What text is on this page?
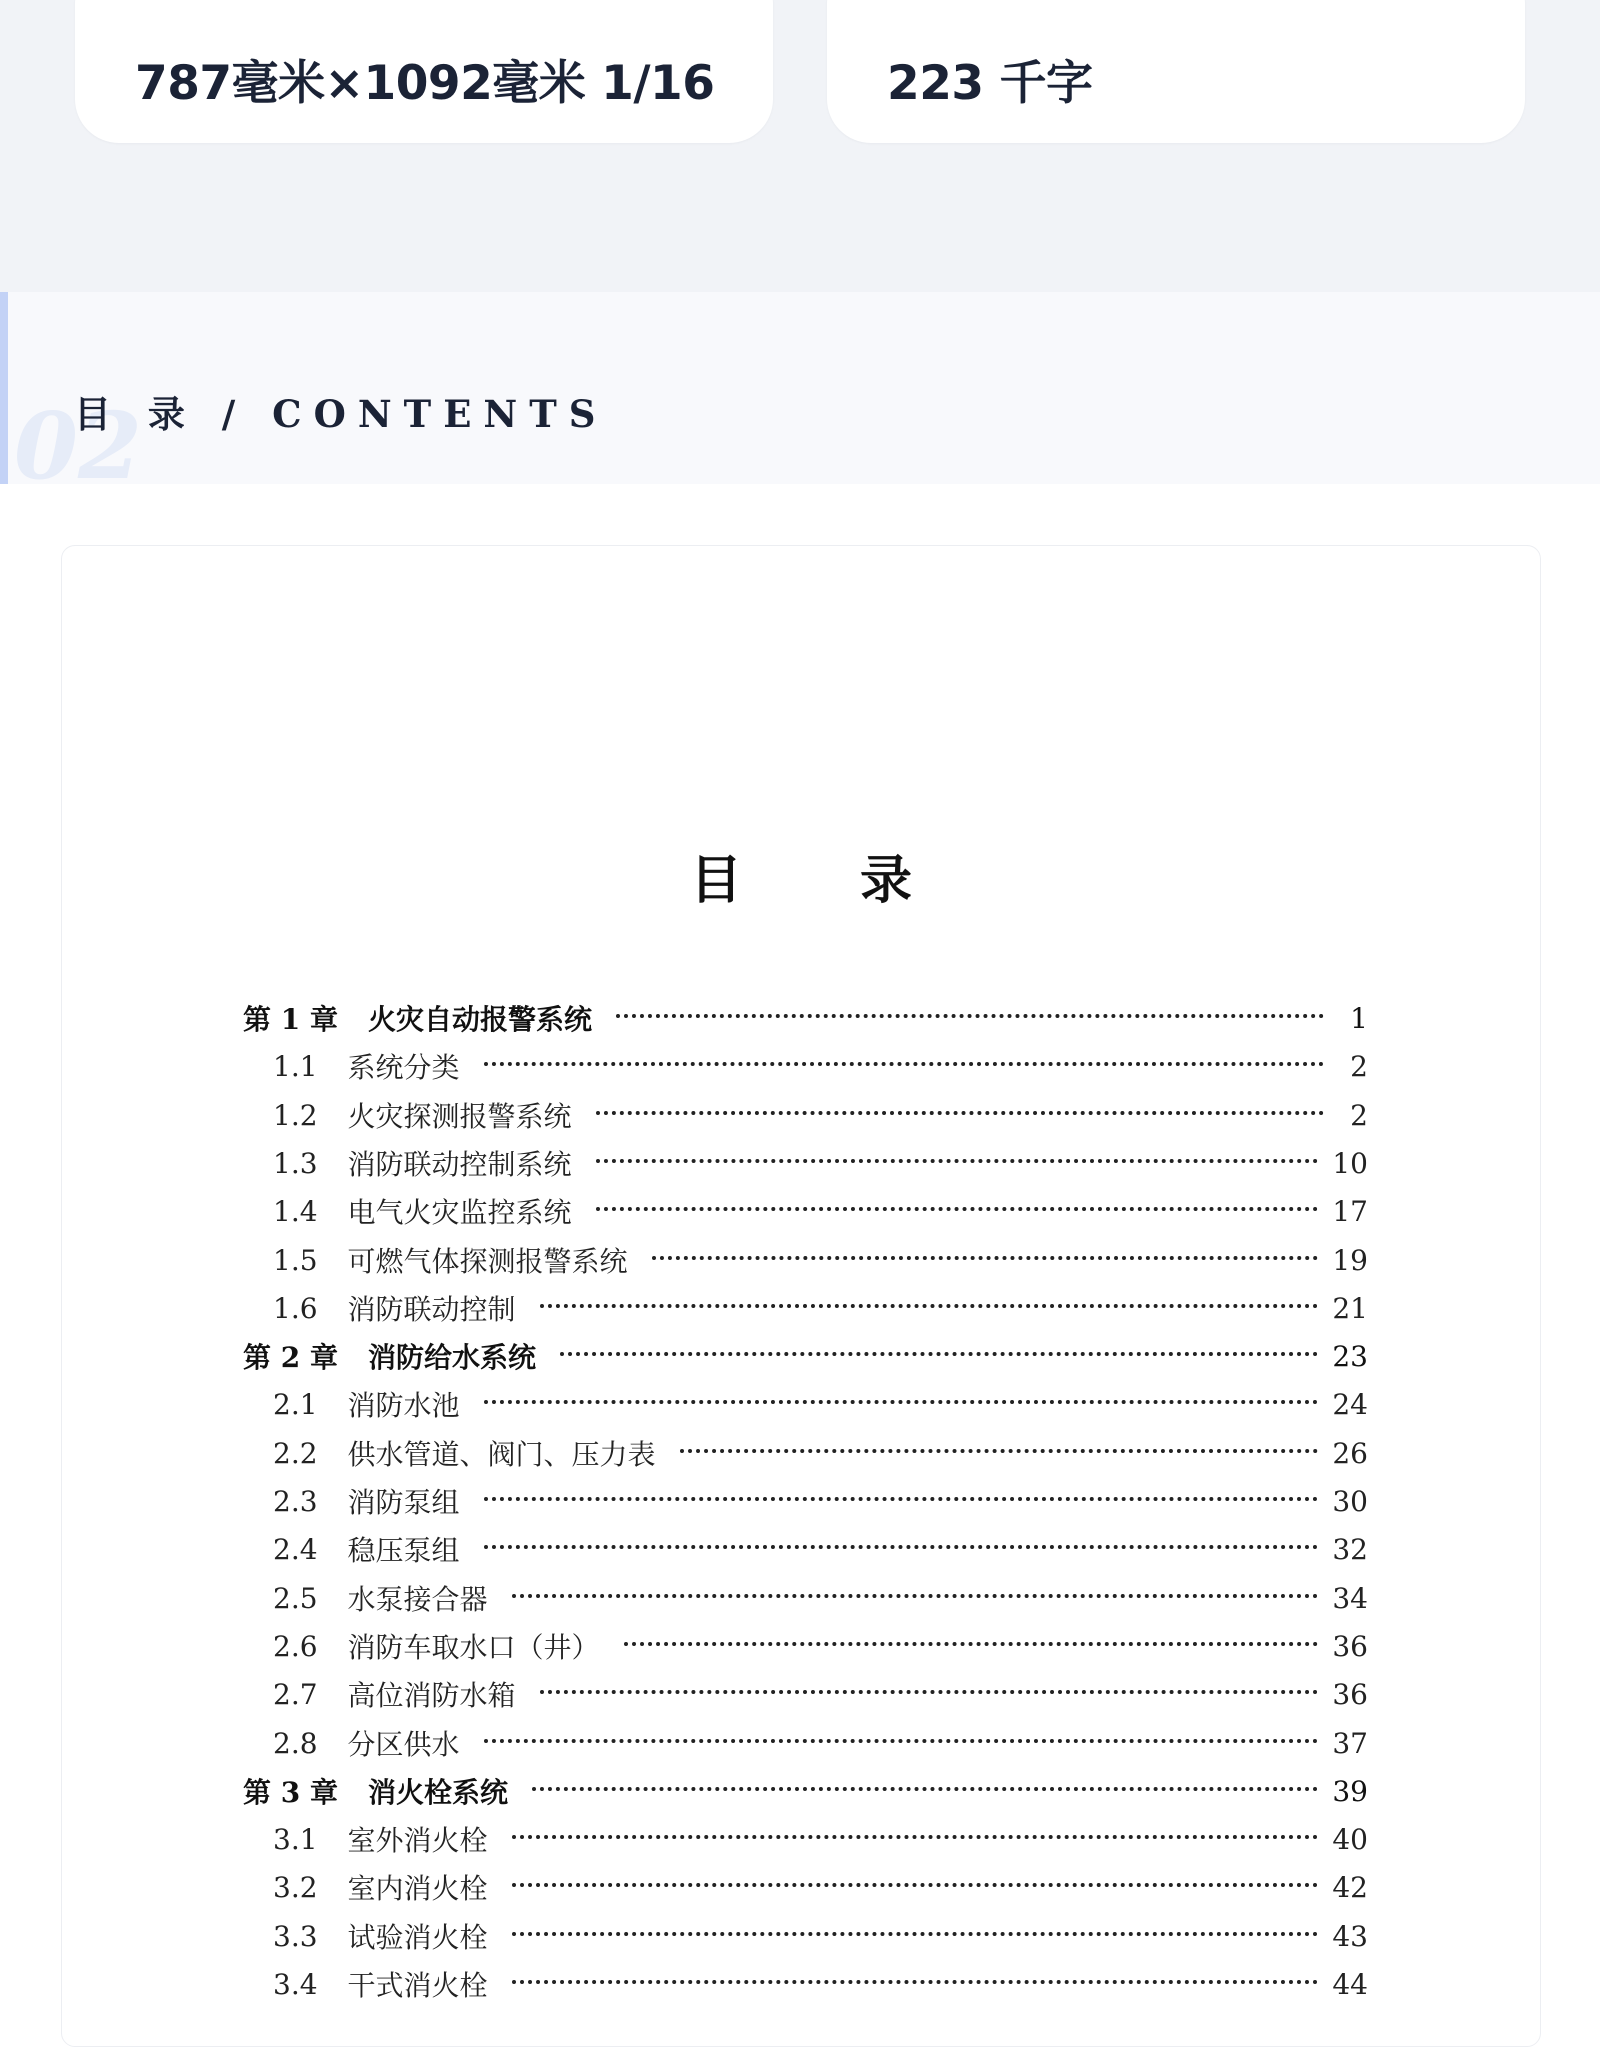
787毫米×1092毫米 1/16	223 千字
02
目 录 / CONTENTS
目 录
第 1 章 火灾自动报警系统	1
1.1 系统分类	2
1.2 火灾探测报警系统	2
1.3 消防联动控制系统	10
1.4 电气火灾监控系统	17
1.5 可燃气体探测报警系统	19
1.6 消防联动控制	21
第 2 章 消防给水系统	23
2.1 消防水池	24
2.2 供水管道、阀门、压力表	26
2.3 消防泵组	30
2.4 稳压泵组	32
2.5 水泵接合器	34
2.6 消防车取水口（井）	36
2.7 高位消防水箱	36
2.8 分区供水	37
第 3 章 消火栓系统	39
3.1 室外消火栓	40
3.2 室内消火栓	42
3.3 试验消火栓	43
3.4 干式消火栓	44
